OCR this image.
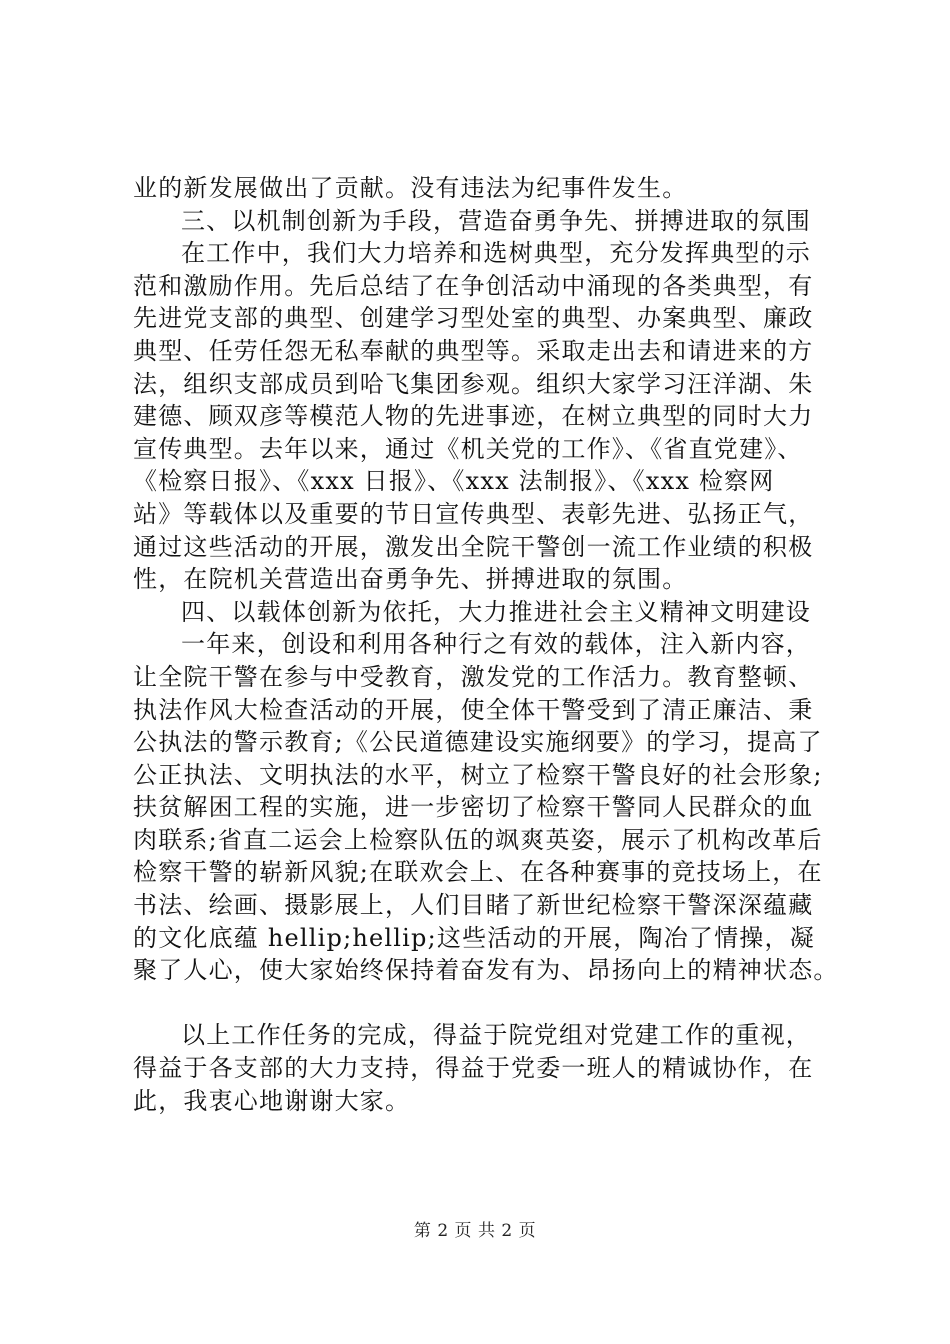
业的新发展做出了贡献。没有违法为纪事件发生。
三、以机制创新为手段，营造奋勇争先、拼搏进取的氛围
在工作中，我们大力培养和选树典型，充分发挥典型的示
范和激励作用。先后总结了在争创活动中涌现的各类典型，有
先进党支部的典型、创建学习型处室的典型、办案典型、廉政
典型、任劳任怨无私奉献的典型等。采取走出去和请进来的方
法，组织支部成员到哈飞集团参观。组织大家学习汪洋湖、朱
建德、顾双彦等模范人物的先进事迹，在树立典型的同时大力
宣传典型。去年以来，通过《机关党的工作》、《省直党建》、
《检察日报》、《xxx 日报》、《xxx 法制报》、《xxx 检察网
站》等载体以及重要的节日宣传典型、表彰先进、弘扬正气，
通过这些活动的开展，激发出全院干警创一流工作业绩的积极
性，在院机关营造出奋勇争先、拼搏进取的氛围。
四、以载体创新为依托，大力推进社会主义精神文明建设
一年来，创设和利用各种行之有效的载体，注入新内容，
让全院干警在参与中受教育，激发党的工作活力。教育整顿、
执法作风大检查活动的开展，使全体干警受到了清正廉洁、秉
公执法的警示教育;《公民道德建设实施纲要》的学习，提高了
公正执法、文明执法的水平，树立了检察干警良好的社会形象;
扶贫解困工程的实施，进一步密切了检察干警同人民群众的血
肉联系;省直二运会上检察队伍的飒爽英姿，展示了机构改革后
检察干警的崭新风貌;在联欢会上、在各种赛事的竞技场上，在
书法、绘画、摄影展上，人们目睹了新世纪检察干警深深蕴藏
的文化底蕴 hellip;hellip;这些活动的开展，陶冶了情操，凝
聚了人心，使大家始终保持着奋发有为、昂扬向上的精神状态。
以上工作任务的完成，得益于院党组对党建工作的重视，
得益于各支部的大力支持，得益于党委一班人的精诚协作，在
此，我衷心地谢谢大家。
第 2 页 共 2 页
